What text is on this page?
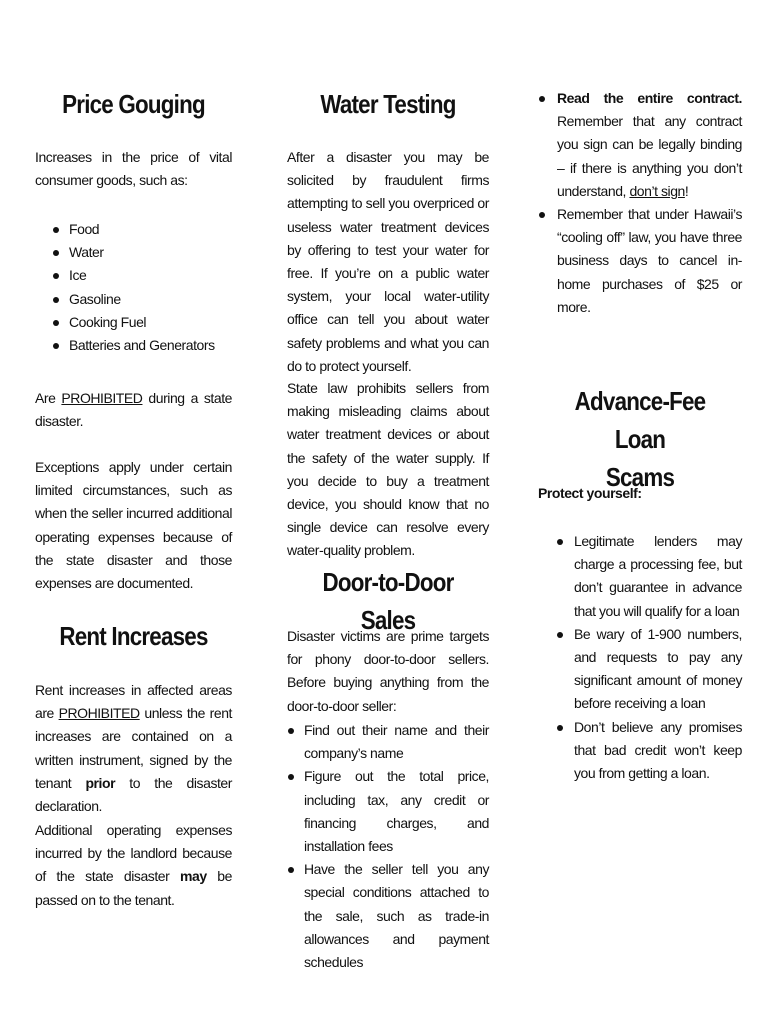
Price Gouging

Increases in the price of vital consumer goods, such as:

Food
Water
Ice
Gasoline
Cooking Fuel
Batteries and Generators

Are PROHIBITED during a state disaster.

Exceptions apply under certain limited circumstances, such as when the seller incurred additional operating expenses because of the state disaster and those expenses are documented.

Rent Increases

Rent increases in affected areas are PROHIBITED unless the rent increases are contained on a written instrument, signed by the tenant prior to the disaster declaration.

Additional operating expenses incurred by the landlord because of the state disaster may be passed on to the tenant.

Water Testing

After a disaster you may be solicited by fraudulent firms attempting to sell you overpriced or useless water treatment devices by offering to test your water for free. If you’re on a public water system, your local water-utility office can tell you about water safety problems and what you can do to protect yourself.

State law prohibits sellers from making misleading claims about water treatment devices or about the safety of the water supply. If you decide to buy a treatment device, you should know that no single device can resolve every water-quality problem.

Door-to-Door Sales

Disaster victims are prime targets for phony door-to-door sellers. Before buying anything from the door-to-door seller:

Find out their name and their company’s name
Figure out the total price, including tax, any credit or financing charges, and installation fees
Have the seller tell you any special conditions attached to the sale, such as trade-in allowances and payment schedules
Read the entire contract. Remember that any contract you sign can be legally binding – if there is anything you don’t understand, don’t sign!
Remember that under Hawaii’s “cooling off” law, you have three business days to cancel in-home purchases of $25 or more.
Advance-Fee Loan
Scams

Protect yourself:

Legitimate lenders may charge a processing fee, but don’t guarantee in advance that you will qualify for a loan
Be wary of 1-900 numbers, and requests to pay any significant amount of money before receiving a loan
Don’t believe any promises that bad credit won’t keep you from getting a loan.
